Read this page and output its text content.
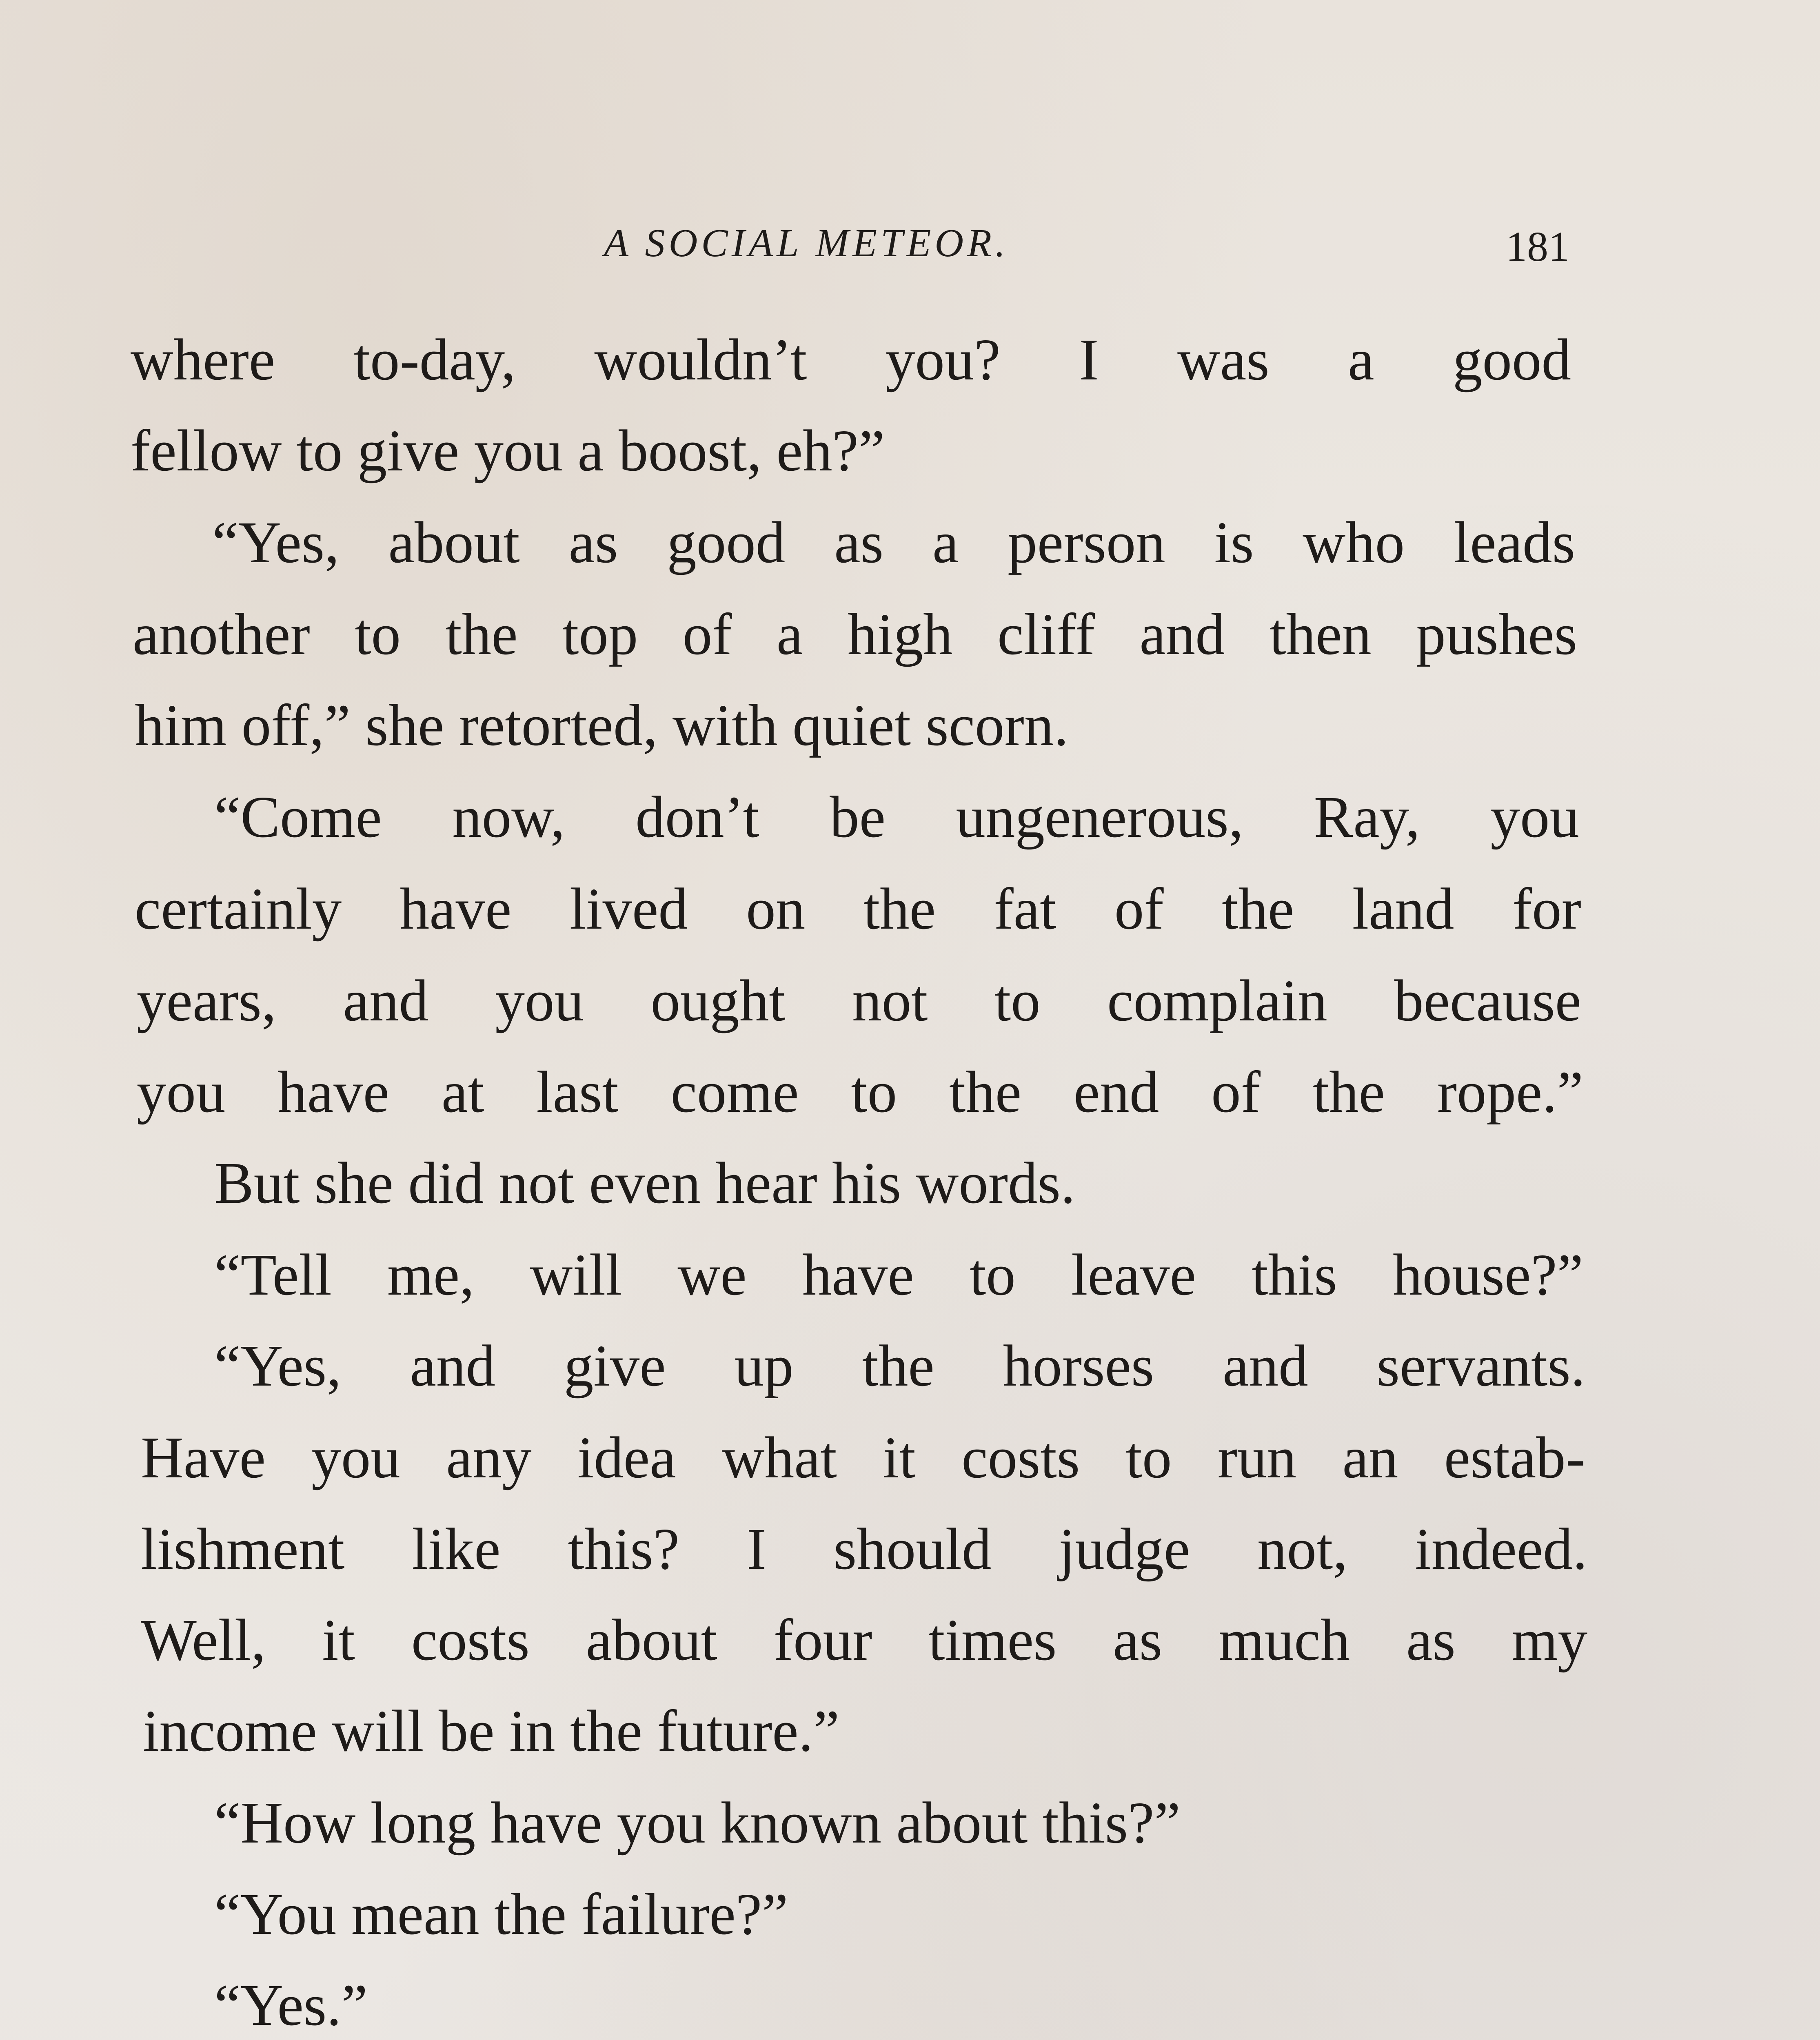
A SOCIAL METEOR.	181
where to-day, wouldn’t you? I was a good
fellow to give you a boost, eh?”
“Yes, about as good as a person is who leads
another to the top of a high cliff and then pushes
him off,” she retorted, with quiet scorn.
“Come now, don’t be ungenerous, Ray, you
certainly have lived on the fat of the land for
years, and you ought not to complain because
you have at last come to the end of the rope.”
But she did not even hear his words.
“Tell me, will we have to leave this house?”
“Yes, and give up the horses and servants.
Have you any idea what it costs to run an estab-
lishment like this? I should judge not, indeed.
Well, it costs about four times as much as my
income will be in the future.”
“How long have you known about this?”
“You mean the failure?”
“Yes.”
